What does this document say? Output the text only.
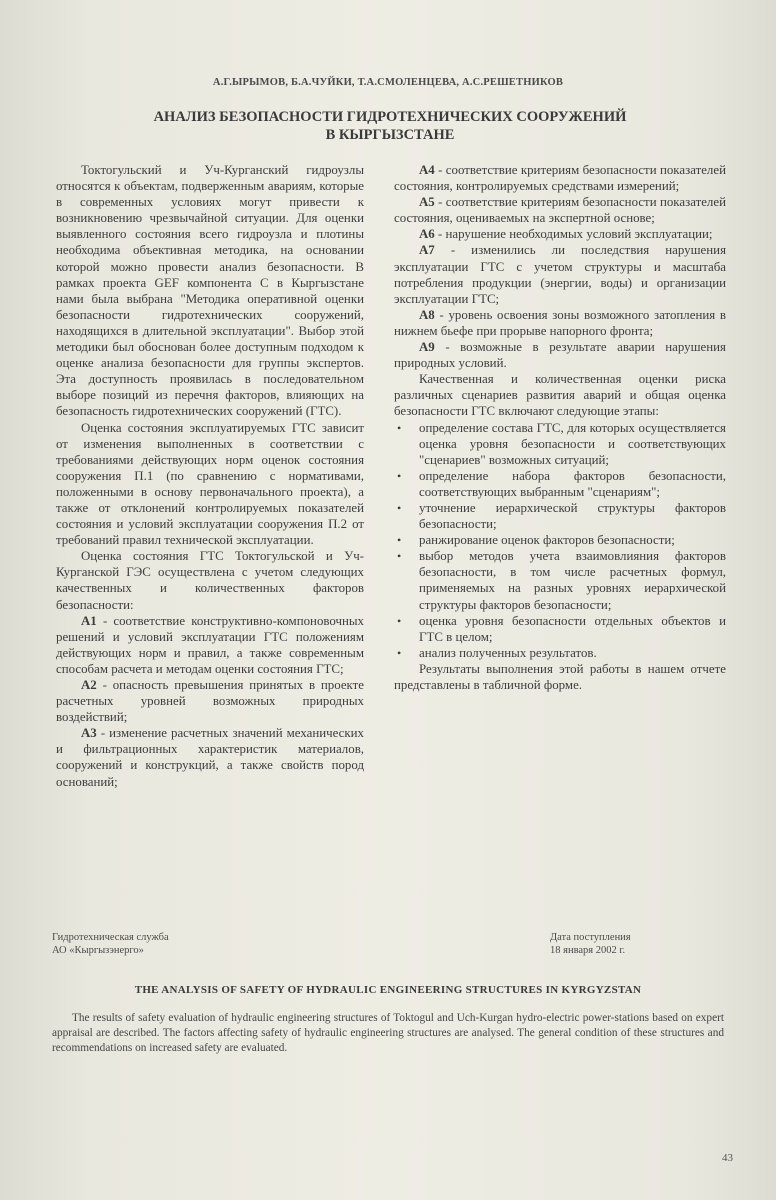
А.Г.ЫРЫМОВ, Б.А.ЧУЙКИ, Т.А.СМОЛЕНЦЕВА, А.С.РЕШЕТНИКОВ
АНАЛИЗ БЕЗОПАСНОСТИ ГИДРОТЕХНИЧЕСКИХ СООРУЖЕНИЙ В КЫРГЫЗСТАНЕ

Токтогульский и Уч-Курганский гидроузлы относятся к объектам, подверженным авариям, которые в современных условиях могут привести к возникновению чрезвычайной ситуации. Для оценки выявленного состояния всего гидроузла и плотины необходима объективная методика, на основании которой можно провести анализ безопасности. В рамках проекта GEF компонента С в Кыргызстане нами была выбрана "Методика оперативной оценки безопасности гидротехнических сооружений, находящихся в длительной эксплуатации". Выбор этой методики был обоснован более доступным подходом к оценке анализа безопасности для группы экспертов. Эта доступность проявилась в последовательном выборе позиций из перечня факторов, влияющих на безопасность гидротехнических сооружений (ГТС).

Оценка состояния эксплуатируемых ГТС зависит от изменения выполненных в соответствии с требованиями действующих норм оценок состояния сооружения П.1 (по сравнению с нормативами, положенными в основу первоначального проекта), а также от отклонений контролируемых показателей состояния и условий эксплуатации сооружения П.2 от требований правил технической эксплуатации.

Оценка состояния ГТС Токтогульской и Уч-Курганской ГЭС осуществлена с учетом следующих качественных и количественных факторов безопасности:

А1 - соответствие конструктивно-компоновочных решений и условий эксплуатации ГТС положениям действующих норм и правил, а также современным способам расчета и методам оценки состояния ГТС;

А2 - опасность превышения принятых в проекте расчетных уровней возможных природных воздействий;

А3 - изменение расчетных значений механических и фильтрационных характеристик материалов, сооружений и конструкций, а также свойств пород оснований;

А4 - соответствие критериям безопасности показателей состояния, контролируемых средствами измерений;

А5 - соответствие критериям безопасности показателей состояния, оцениваемых на экспертной основе;

А6 - нарушение необходимых условий эксплуатации;

А7 - изменились ли последствия нарушения эксплуатации ГТС с учетом структуры и масштаба потребления продукции (энергии, воды) и организации эксплуатации ГТС;

А8 - уровень освоения зоны возможного затопления в нижнем бьефе при прорыве напорного фронта;

А9 - возможные в результате аварии нарушения природных условий.

Качественная и количественная оценки риска различных сценариев развития аварий и общая оценка безопасности ГТС включают следующие этапы:

• определение состава ГТС, для которых осуществляется оценка уровня безопасности и соответствующих "сценариев" возможных ситуаций;
• определение набора факторов безопасности, соответствующих выбранным "сценариям";
• уточнение иерархической структуры факторов безопасности;
• ранжирование оценок факторов безопасности;
• выбор методов учета взаимовлияния факторов безопасности, в том числе расчетных формул, применяемых на разных уровнях иерархической структуры факторов безопасности;
• оценка уровня безопасности отдельных объектов и ГТС в целом;
• анализ полученных результатов.

Результаты выполнения этой работы в нашем отчете представлены в табличной форме.

Гидротехническая служба
АО «Кыргызэнерго»
Дата поступления
18 января 2002 г.
THE ANALYSIS OF SAFETY OF HYDRAULIC ENGINEERING STRUCTURES IN KYRGYZSTAN
The results of safety evaluation of hydraulic engineering structures of Toktogul and Uch-Kurgan hydro-electric power-stations based on expert appraisal are described. The factors affecting safety of hydraulic engineering structures are analysed. The general condition of these structures and recommendations on increased safety are evaluated.
43
